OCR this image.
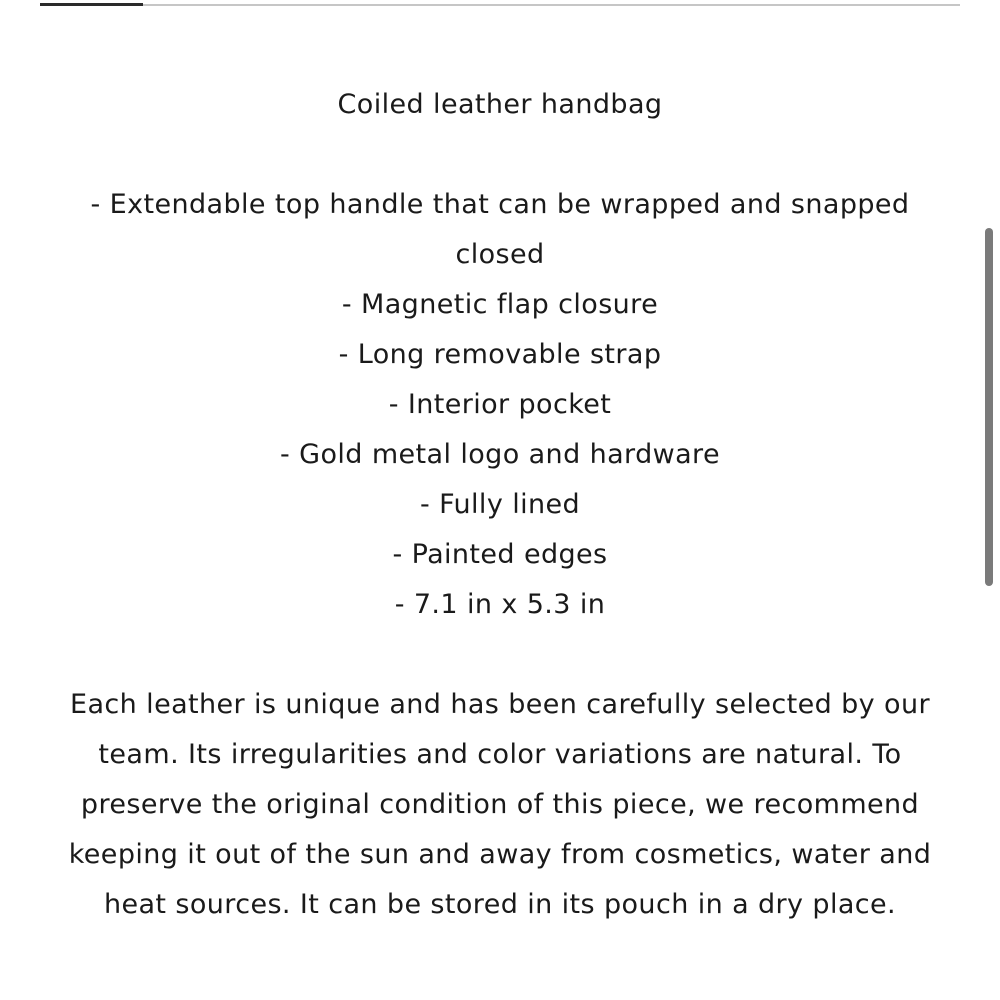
Coiled leather handbag
- Extendable top handle that can be wrapped and snapped closed
- Magnetic flap closure
- Long removable strap
- Interior pocket
- Gold metal logo and hardware
- Fully lined
- Painted edges
- 7.1 in x 5.3 in

Each leather is unique and has been carefully selected by our team. Its irregularities and color variations are natural. To preserve the original condition of this piece, we recommend keeping it out of the sun and away from cosmetics, water and heat sources. It can be stored in its pouch in a dry place.
